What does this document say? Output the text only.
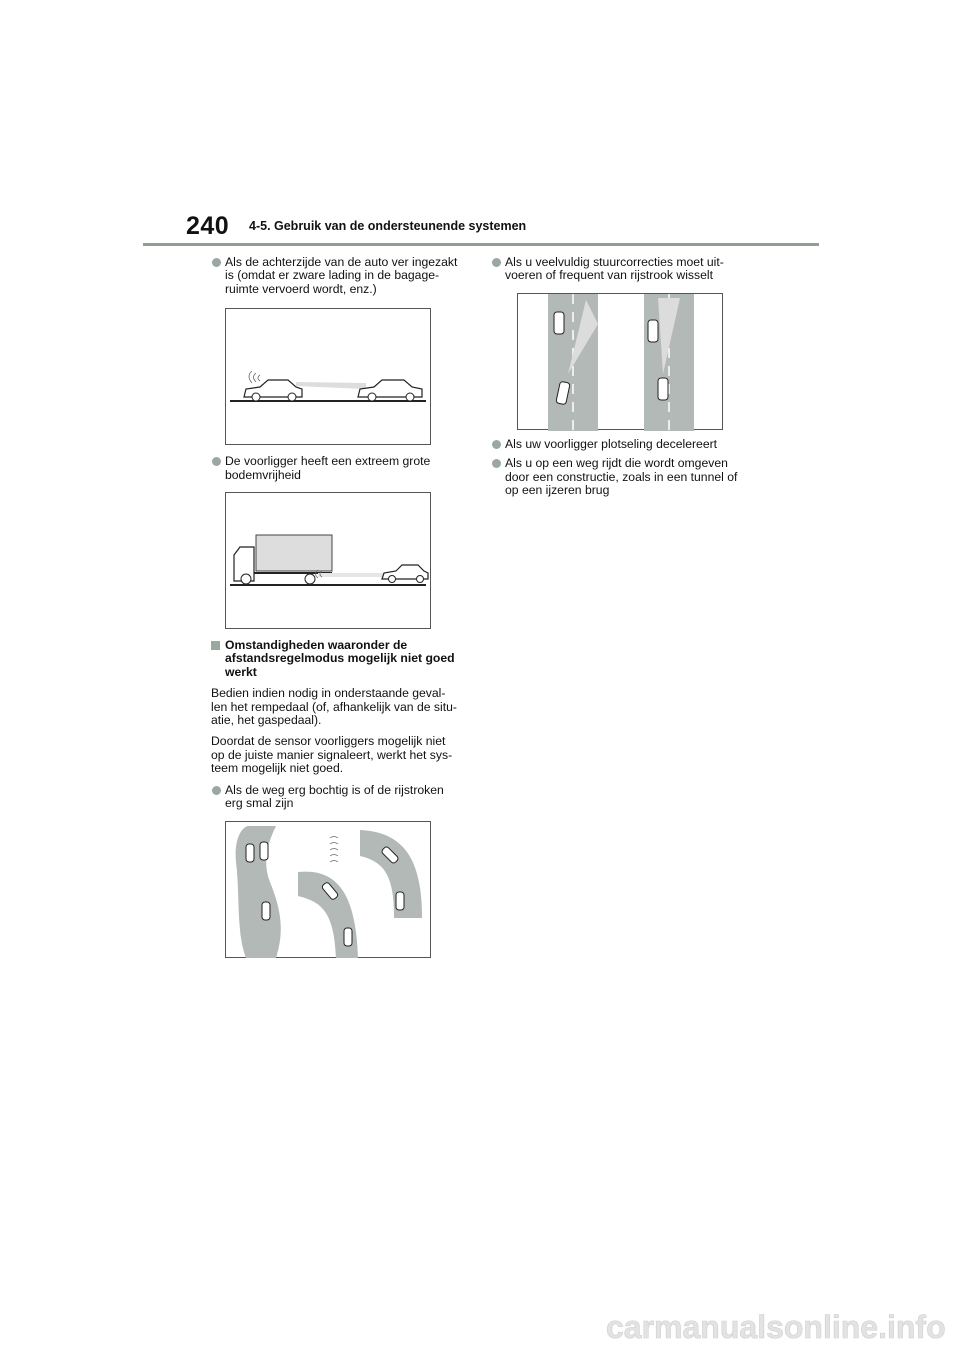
240 4-5. Gebruik van de ondersteunende systemen
Als de achterzijde van de auto ver ingezakt
is (omdat er zware lading in de bagage-
ruimte vervoerd wordt, enz.)
De voorligger heeft een extreem grote
bodemvrijheid
Omstandigheden waaronder de
afstandsregelmodus mogelijk niet goed
werkt

Bedien indien nodig in onderstaande geval-
len het rempedaal (of, afhankelijk van de situ-
atie, het gaspedaal).

Doordat de sensor voorliggers mogelijk niet
op de juiste manier signaleert, werkt het sys-
teem mogelijk niet goed.

Als de weg erg bochtig is of de rijstroken
erg smal zijn
Als u veelvuldig stuurcorrecties moet uit-
voeren of frequent van rijstrook wisselt
Als uw voorligger plotseling decelereert
Als u op een weg rijdt die wordt omgeven
door een constructie, zoals in een tunnel of
op een ijzeren brug
carmanualsonline.info
